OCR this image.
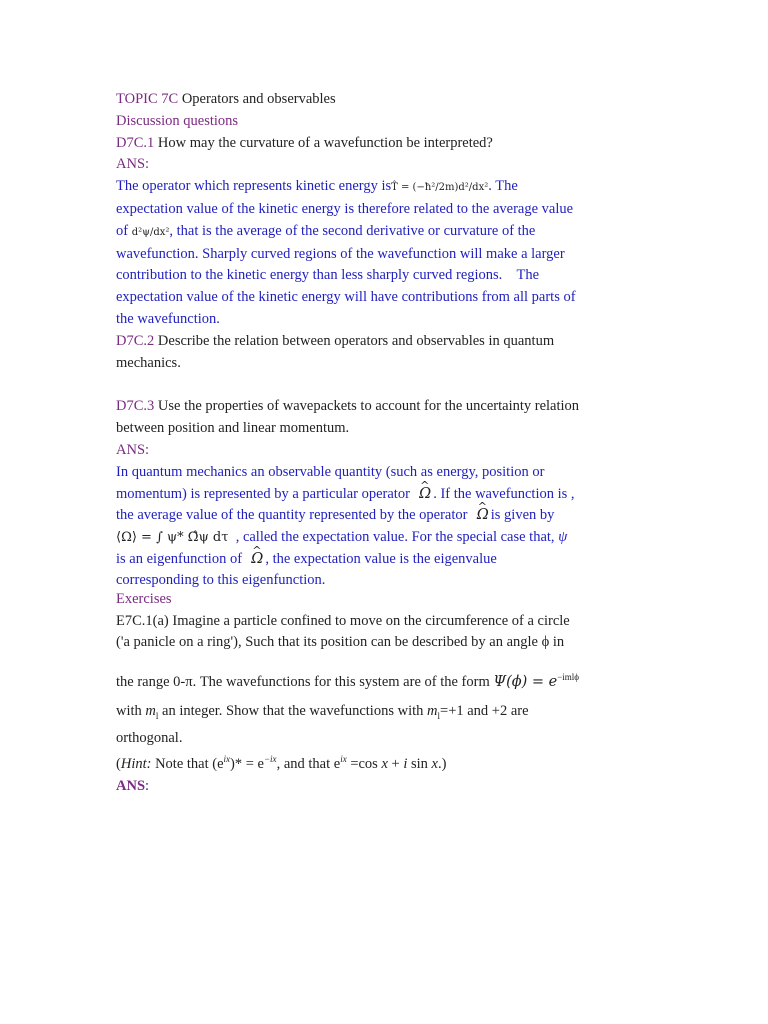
TOPIC 7C Operators and observables
Discussion questions
D7C.1 How may the curvature of a wavefunction be interpreted?
ANS:
The operator which represents kinetic energy isT̂ = (−ħ²/2m)d²/dx². The
expectation value of the kinetic energy is therefore related to the average value
of d²ψ/dx², that is the average of the second derivative or curvature of the
wavefunction. Sharply curved regions of the wavefunction will make a larger
contribution to the kinetic energy than less sharply curved regions.    The
expectation value of the kinetic energy will have contributions from all parts of
the wavefunction.
D7C.2 Describe the relation between operators and observables in quantum
mechanics.
D7C.3 Use the properties of wavepackets to account for the uncertainty relation
between position and linear momentum.
ANS:
In quantum mechanics an observable quantity (such as energy, position or
momentum) is represented by a particular operator ^ Ω . If the wavefunction is ,
the average value of the quantity represented by the operator ^ Ω is given by
⟨Ω⟩ = ∫ ψ* Ω̂ψ dτ , called the expectation value. For the special case that, ψ
is an eigenfunction of ^ Ω , the expectation value is the eigenvalue
corresponding to this eigenfunction.
Exercises
E7C.1(a) Imagine a particle confined to move on the circumference of a circle
('a panicle on a ring'), Such that its position can be described by an angle ϕ in
the range 0-π. The wavefunctions for this system are of the form $\Psi(\phi) = e^{-iml\phi}$
with $m_l$ an integer. Show that the wavefunctions with $m_l=+1$ and +2 are
orthogonal.
(Hint: Note that $(e^{ix})* = e^{-ix}$, and that $e^{ix} =\cos$ x + i sin x.)
ANS:
